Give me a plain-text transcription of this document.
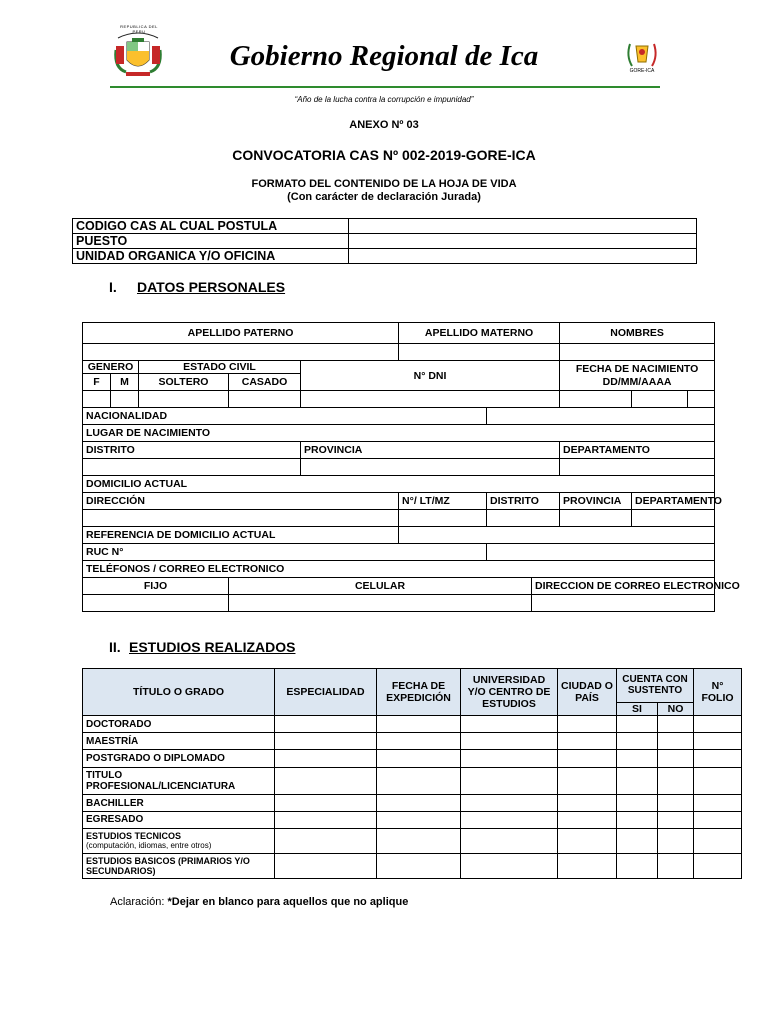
REPUBLICA DEL PERU
GORE-ICA
Gobierno Regional de Ica
“Año de la lucha contra la corrupción e impunidad”
ANEXO Nº 03
CONVOCATORIA CAS Nº 002-2019-GORE-ICA
FORMATO DEL CONTENIDO DE LA HOJA DE VIDA
(Con carácter de declaración Jurada)
CODIGO CAS AL CUAL POSTULA	
PUESTO	
UNIDAD ORGANICA Y/O OFICINA	
I. DATOS PERSONALES
APELLIDO PATERNO					APELLIDO MATERNO			NOMBRES		

GENERO		ESTADO CIVIL		N° DNI				FECHA DE NACIMIENTO
DD/MM/AAAA		

F	M	SOLTERO	CASADO							

NACIONALIDAD										
LUGAR DE NACIMIENTO										
DISTRITO				PROVINCIA				DEPARTAMENTO		

DOMICILIO ACTUAL										
DIRECCIÓN					N°/ LT/MZ	DISTRITO		PROVINCIA	DEPARTAMENTO	

REFERENCIA DE DOMICILIO ACTUAL										
RUC N°										
TELÉFONOS / CORREO ELECTRONICO										
FIJO			CELULAR				DIRECCION DE CORREO ELECTRONICO			

II. ESTUDIOS REALIZADOS
TÍTULO O GRADO	ESPECIALIDAD	FECHA DE EXPEDICIÓN	UNIVERSIDAD Y/O CENTRO DE ESTUDIOS	CIUDAD O PAÍS	CUENTA CON SUSTENTO		N° FOLIO
					SI	NO	
DOCTORADO							
MAESTRÍA							
POSTGRADO O DIPLOMADO							
TITULO PROFESIONAL/LICENCIATURA							
BACHILLER							
EGRESADO							

ESTUDIOS TECNICOS
(computación, idiomas, entre otros)							

ESTUDIOS BASICOS (PRIMARIOS Y/O SECUNDARIOS)							
Aclaración: *Dejar en blanco para aquellos que no aplique
